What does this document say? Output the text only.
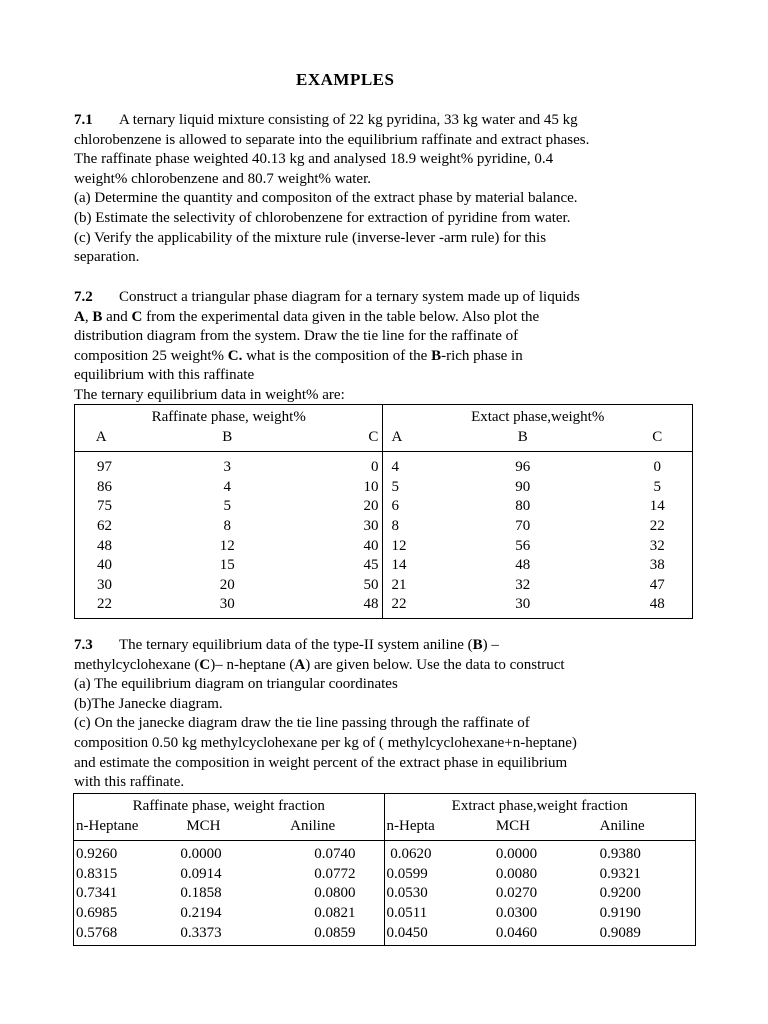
EXAMPLES
7.1 A ternary liquid mixture consisting of 22 kg pyridina, 33 kg water and 45 kg
chlorobenzene is allowed to separate into the equilibrium raffinate and extract phases.
The raffinate phase weighted 40.13 kg and analysed 18.9 weight% pyridine, 0.4
weight% chlorobenzene and 80.7 weight% water.
(a) Determine the quantity and compositon of the extract phase by material balance.
(b) Estimate the selectivity of chlorobenzene for extraction of pyridine from water.
(c) Verify the applicability of the mixture rule (inverse-lever -arm rule) for this
separation.
7.2 Construct a triangular phase diagram for a ternary system made up of liquids
A, B and C from the experimental data given in the table below. Also plot the
distribution diagram from the system. Draw the tie line for the raffinate of
composition 25 weight% C. what is the composition of the B-rich phase in
equilibrium with this raffinate
The ternary equilibrium data in weight% are:
Raffinate phase, weight%			Extact phase,weight%		
A	B	C	A	B	C
97	3	0	4	96	0
86	4	10	5	90	5
75	5	20	6	80	14
62	8	30	8	70	22
48	12	40	12	56	32
40	15	45	14	48	38
30	20	50	21	32	47
22	30	48	22	30	48
7.3 The ternary equilibrium data of the type-II system aniline (B) –
methylcyclohexane (C)– n-heptane (A) are given below. Use the data to construct
(a) The equilibrium diagram on triangular coordinates
(b)The Janecke diagram.
(c) On the janecke diagram draw the tie line passing through the raffinate of
composition 0.50 kg methylcyclohexane per kg of ( methylcyclohexane+n-heptane)
and estimate the composition in weight percent of the extract phase in equilibrium
with this raffinate.
Raffinate phase, weight fraction			Extract phase,weight fraction		
n-Heptane	MCH	Aniline	n-Hepta	MCH	Aniline
0.9260	0.0000	0.0740	0.0620	0.0000	0.9380
0.8315	0.0914	0.0772	0.0599	0.0080	0.9321
0.7341	0.1858	0.0800	0.0530	0.0270	0.9200
0.6985	0.2194	0.0821	0.0511	0.0300	0.9190
0.5768	0.3373	0.0859	0.0450	0.0460	0.9089
